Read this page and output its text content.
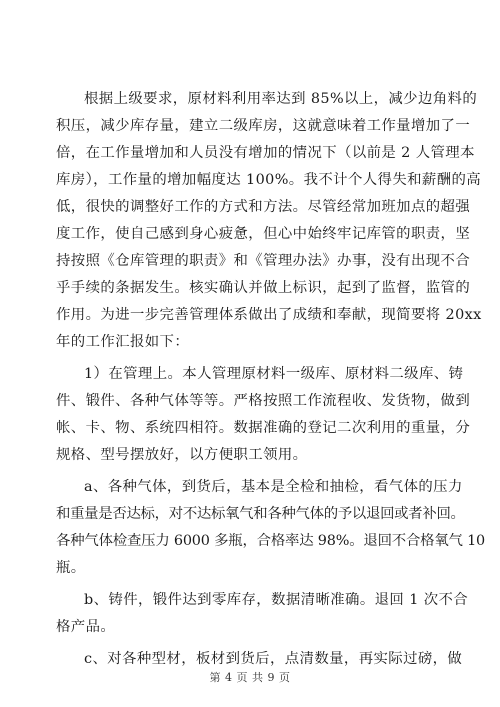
根据上级要求，原材料利用率达到 85%以上，减少边角料的
积压，减少库存量，建立二级库房，这就意味着工作量增加了一
倍，在工作量增加和人员没有增加的情况下（以前是 2 人管理本
库房），工作量的增加幅度达 100%。我不计个人得失和薪酬的高
低，很快的调整好工作的方式和方法。尽管经常加班加点的超强
度工作，使自己感到身心疲惫，但心中始终牢记库管的职责，坚
持按照《仓库管理的职责》和《管理办法》办事，没有出现不合
乎手续的条据发生。核实确认并做上标识，起到了监督，监管的
作用。为进一步完善管理体系做出了成绩和奉献，现简要将 20xx
年的工作汇报如下：

1）在管理上。本人管理原材料一级库、原材料二级库、铸
件、锻件、各种气体等等。严格按照工作流程收、发货物，做到
帐、卡、物、系统四相符。数据准确的登记二次利用的重量，分
规格、型号摆放好，以方便职工领用。

a、各种气体，到货后，基本是全检和抽检，看气体的压力
和重量是否达标，对不达标氧气和各种气体的予以退回或者补回。
各种气体检查压力 6000 多瓶，合格率达 98%。退回不合格氧气 10
瓶。

b、铸件，锻件达到零库存，数据清晰准确。退回 1 次不合
格产品。

c、对各种型材，板材到货后，点清数量，再实际过磅，做

第 4 页 共 9 页
